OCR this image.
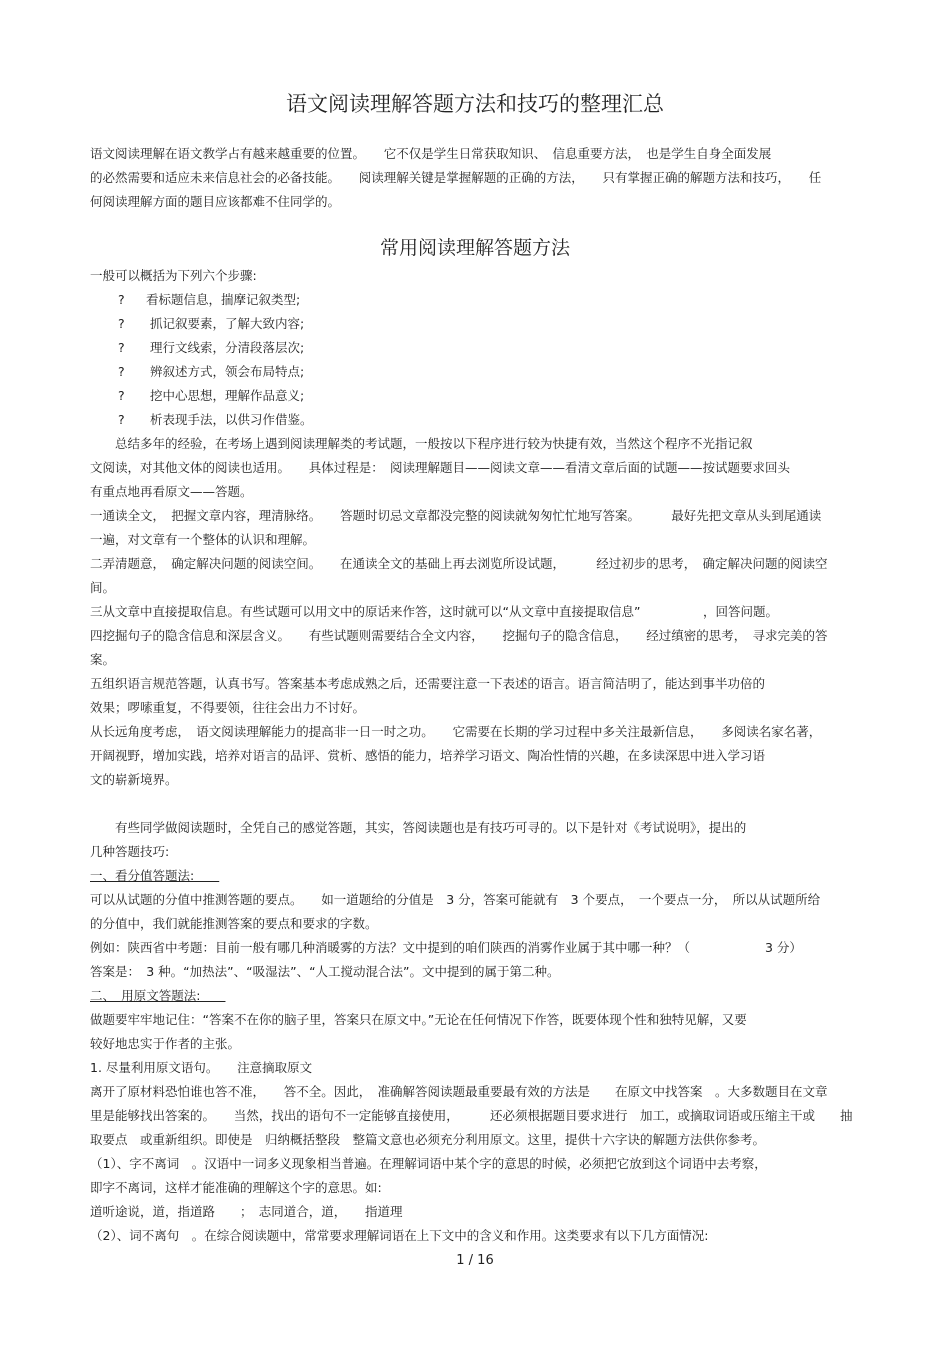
语文阅读理解答题方法和技巧的整理汇总
语文阅读理解在语文教学占有越来越重要的位置。　　它不仅是学生日常获取知识、　信息重要方法，　也是学生自身全面发展
的必然需要和适应未来信息社会的必备技能。　　阅读理解关键是掌握解题的正确的方法，　　只有掌握正确的解题方法和技巧，　　任
何阅读理解方面的题目应该都难不住同学的。
常用阅读理解答题方法
一般可以概括为下列六个步骤:
? 看标题信息，揣摩记叙类型;
? 抓记叙要素，了解大致内容;
? 理行文线索，分清段落层次;
? 辨叙述方式，领会布局特点;
? 挖中心思想，理解作品意义;
? 析表现手法，以供习作借鉴。
　　总结多年的经验，在考场上遇到阅读理解类的考试题，一般按以下程序进行较为快捷有效，当然这个程序不光指记叙
文阅读，对其他文体的阅读也适用。　　具体过程是：　阅读理解题目——阅读文章——看清文章后面的试题——按试题要求回头
有重点地再看原文——答题。
一通读全文，　把握文章内容，理清脉络。　　答题时切忌文章都没完整的阅读就匆匆忙忙地写答案。　　　最好先把文章从头到尾通读
一遍，对文章有一个整体的认识和理解。
二弄清题意，　确定解决问题的阅读空间。　　在通读全文的基础上再去浏览所设试题，　　　经过初步的思考，　确定解决问题的阅读空
间。
三从文章中直接提取信息。有些试题可以用文中的原话来作答，这时就可以“从文章中直接提取信息”　　　　　，回答问题。
四挖掘句子的隐含信息和深层含义。　　有些试题则需要结合全文内容，　　挖掘句子的隐含信息，　　经过缜密的思考，　寻求完美的答
案。
五组织语言规范答题，认真书写。答案基本考虑成熟之后，还需要注意一下表述的语言。语言简洁明了，能达到事半功倍的
效果；啰嗦重复，不得要领，往往会出力不讨好。
从长远角度考虑，　语文阅读理解能力的提高非一日一时之功。　　它需要在长期的学习过程中多关注最新信息，　　多阅读名家名著，
开阔视野，增加实践，培养对语言的品评、赏析、感悟的能力，培养学习语文、陶冶性情的兴趣，在多读深思中进入学习语
文的崭新境界。
　　有些同学做阅读题时，全凭自己的感觉答题，其实，答阅读题也是有技巧可寻的。以下是针对《考试说明》，提出的
几种答题技巧:
一、看分值答题法:　　
可以从试题的分值中推测答题的要点。　　如一道题给的分值是　3 分，答案可能就有　3 个要点，　一个要点一分，　所以从试题所给
的分值中，我们就能推测答案的要点和要求的字数。
例如：陕西省中考题：目前一般有哪几种消暖雾的方法？文中提到的咱们陕西的消雾作业属于其中哪一种？（　　　　　　3 分）
答案是：　3 种。“加热法”、“吸湿法”、“人工搅动混合法”。文中提到的属于第二种。
二、　用原文答题法:　　
做题要牢牢地记住：“答案不在你的脑子里，答案只在原文中。”无论在任何情况下作答，既要体现个性和独特见解，又要
较好地忠实于作者的主张。
1. 尽量利用原文语句。　　注意摘取原文
离开了原材料恐怕谁也答不准，　　答不全。因此，　准确解答阅读题最重要最有效的方法是　　在原文中找答案　。大多数题目在文章
里是能够找出答案的。　　当然，找出的语句不一定能够直接使用，　　　还必须根据题目要求进行　加工，或摘取词语或压缩主干或　　抽
取要点　或重新组织。即使是　归纳概括整段　整篇文意也必须充分利用原文。这里，提供十六字诀的解题方法供你参考。
（1）、字不离词　。汉语中一词多义现象相当普遍。在理解词语中某个字的意思的时候，必须把它放到这个词语中去考察，
即字不离词，这样才能准确的理解这个字的意思。如:
道听途说，道，指道路　　；　志同道合，道，　　指道理
（2）、词不离句　。在综合阅读题中，常常要求理解词语在上下文中的含义和作用。这类要求有以下几方面情况:
1 / 16
